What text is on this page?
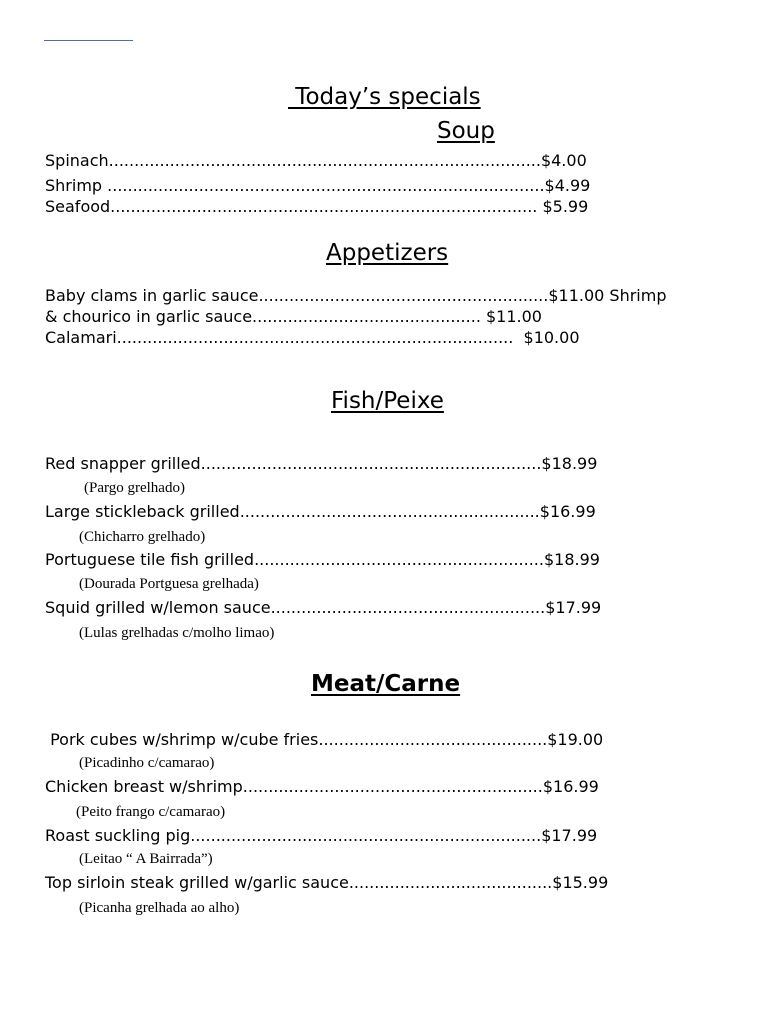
Today’s specials
Soup
Spinach.....................................................................................$4.00
Shrimp ......................................................................................$4.99
Seafood.................................................................................... $5.99
Appetizers
Baby clams in garlic sauce.........................................................$11.00 Shrimp
& chourico in garlic sauce............................................. $11.00
Calamari..............................................................................  $10.00
Fish/Peixe
Red snapper grilled...................................................................$18.99
(Pargo grelhado)
Large stickleback grilled...........................................................$16.99
(Chicharro grelhado)
Portuguese tile fish grilled.........................................................$18.99
(Dourada Portguesa grelhada)
Squid grilled w/lemon sauce......................................................$17.99
(Lulas grelhadas c/molho limao)
Meat/Carne
Pork cubes w/shrimp w/cube fries.............................................$19.00
(Picadinho c/camarao)
Chicken breast w/shrimp...........................................................$16.99
(Peito frango c/camarao)
Roast suckling pig.....................................................................$17.99
(Leitao “ A Bairrada”)
Top sirloin steak grilled w/garlic sauce........................................$15.99
(Picanha grelhada ao alho)
